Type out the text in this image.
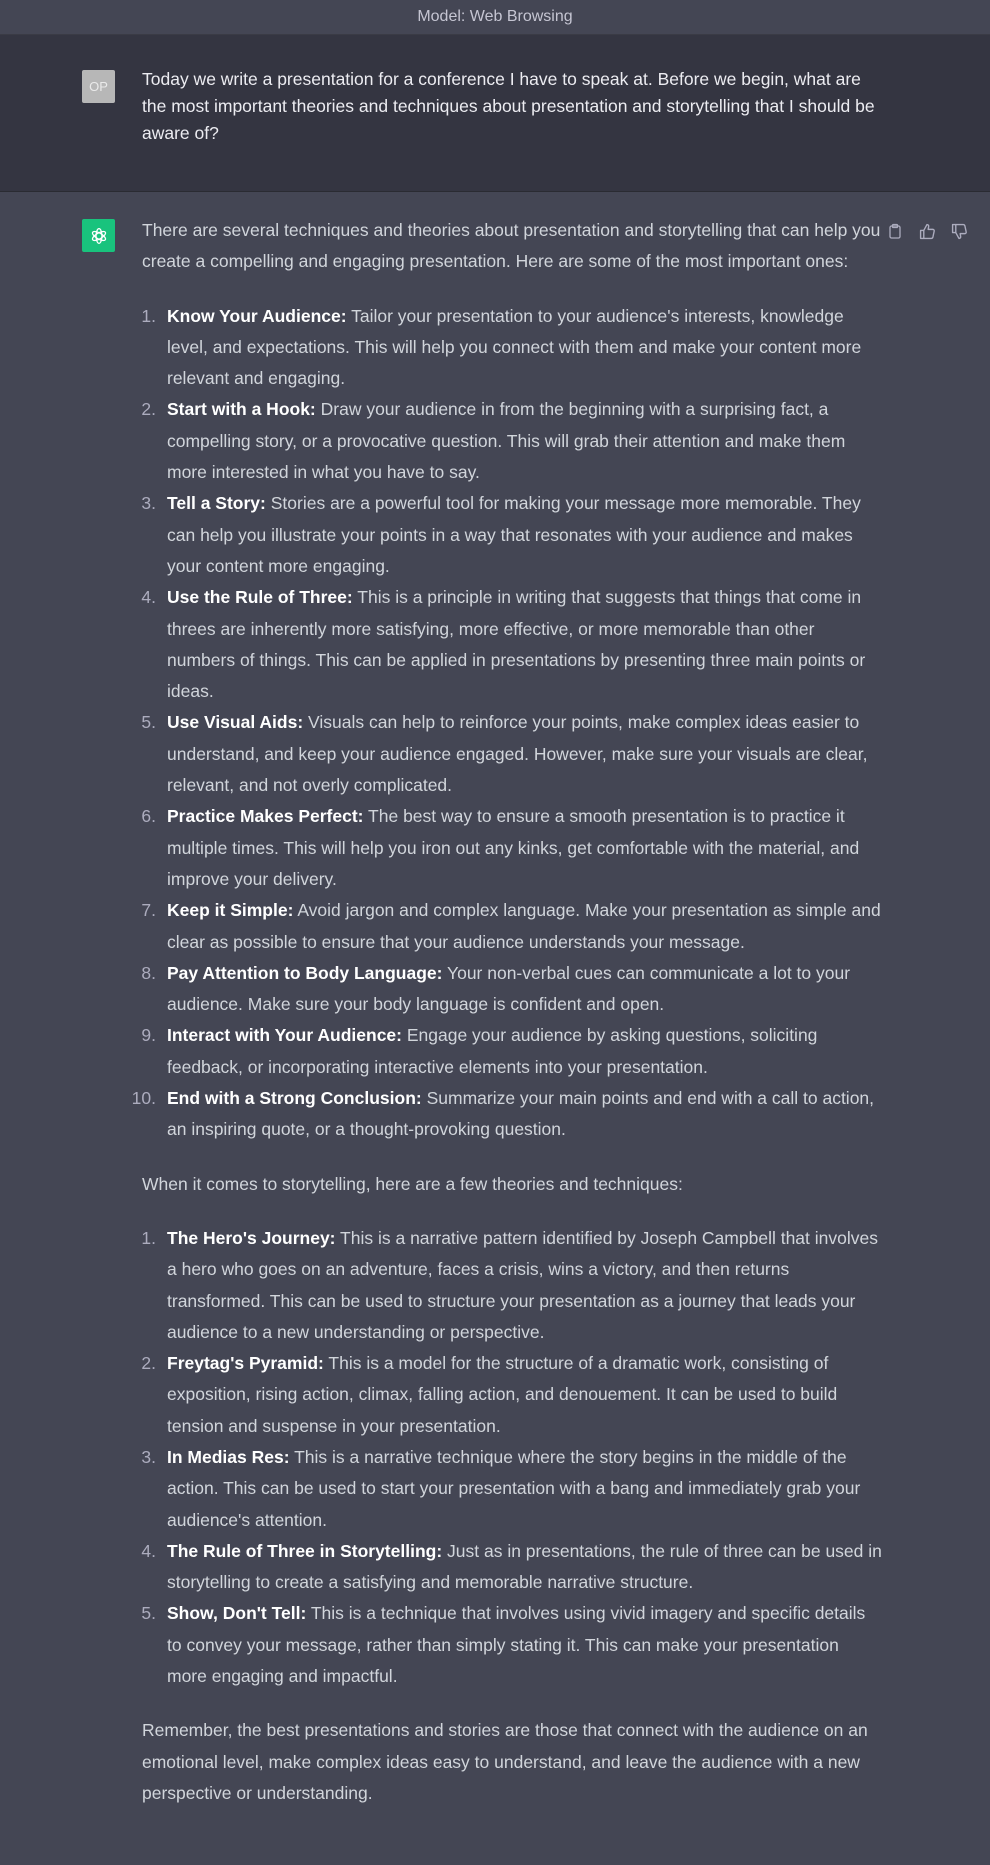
Model: Web Browsing
OP	Today we write a presentation for a conference I have to speak at. Before we begin, what are the most important theories and techniques about presentation and storytelling that I should be aware of?

There are several techniques and theories about presentation and storytelling that can help you create a compelling and engaging presentation. Here are some of the most important ones:

1. Know Your Audience: Tailor your presentation to your audience's interests, knowledge level, and expectations. This will help you connect with them and make your content more relevant and engaging.
2. Start with a Hook: Draw your audience in from the beginning with a surprising fact, a compelling story, or a provocative question. This will grab their attention and make them more interested in what you have to say.
3. Tell a Story: Stories are a powerful tool for making your message more memorable. They can help you illustrate your points in a way that resonates with your audience and makes your content more engaging.
4. Use the Rule of Three: This is a principle in writing that suggests that things that come in threes are inherently more satisfying, more effective, or more memorable than other numbers of things. This can be applied in presentations by presenting three main points or ideas.
5. Use Visual Aids: Visuals can help to reinforce your points, make complex ideas easier to understand, and keep your audience engaged. However, make sure your visuals are clear, relevant, and not overly complicated.
6. Practice Makes Perfect: The best way to ensure a smooth presentation is to practice it multiple times. This will help you iron out any kinks, get comfortable with the material, and improve your delivery.
7. Keep it Simple: Avoid jargon and complex language. Make your presentation as simple and clear as possible to ensure that your audience understands your message.
8. Pay Attention to Body Language: Your non-verbal cues can communicate a lot to your audience. Make sure your body language is confident and open.
9. Interact with Your Audience: Engage your audience by asking questions, soliciting feedback, or incorporating interactive elements into your presentation.
10. End with a Strong Conclusion: Summarize your main points and end with a call to action, an inspiring quote, or a thought-provoking question.

When it comes to storytelling, here are a few theories and techniques:

1. The Hero's Journey: This is a narrative pattern identified by Joseph Campbell that involves a hero who goes on an adventure, faces a crisis, wins a victory, and then returns transformed. This can be used to structure your presentation as a journey that leads your audience to a new understanding or perspective.
2. Freytag's Pyramid: This is a model for the structure of a dramatic work, consisting of exposition, rising action, climax, falling action, and denouement. It can be used to build tension and suspense in your presentation.
3. In Medias Res: This is a narrative technique where the story begins in the middle of the action. This can be used to start your presentation with a bang and immediately grab your audience's attention.
4. The Rule of Three in Storytelling: Just as in presentations, the rule of three can be used in storytelling to create a satisfying and memorable narrative structure.
5. Show, Don't Tell: This is a technique that involves using vivid imagery and specific details to convey your message, rather than simply stating it. This can make your presentation more engaging and impactful.

Remember, the best presentations and stories are those that connect with the audience on an emotional level, make complex ideas easy to understand, and leave the audience with a new perspective or understanding.
